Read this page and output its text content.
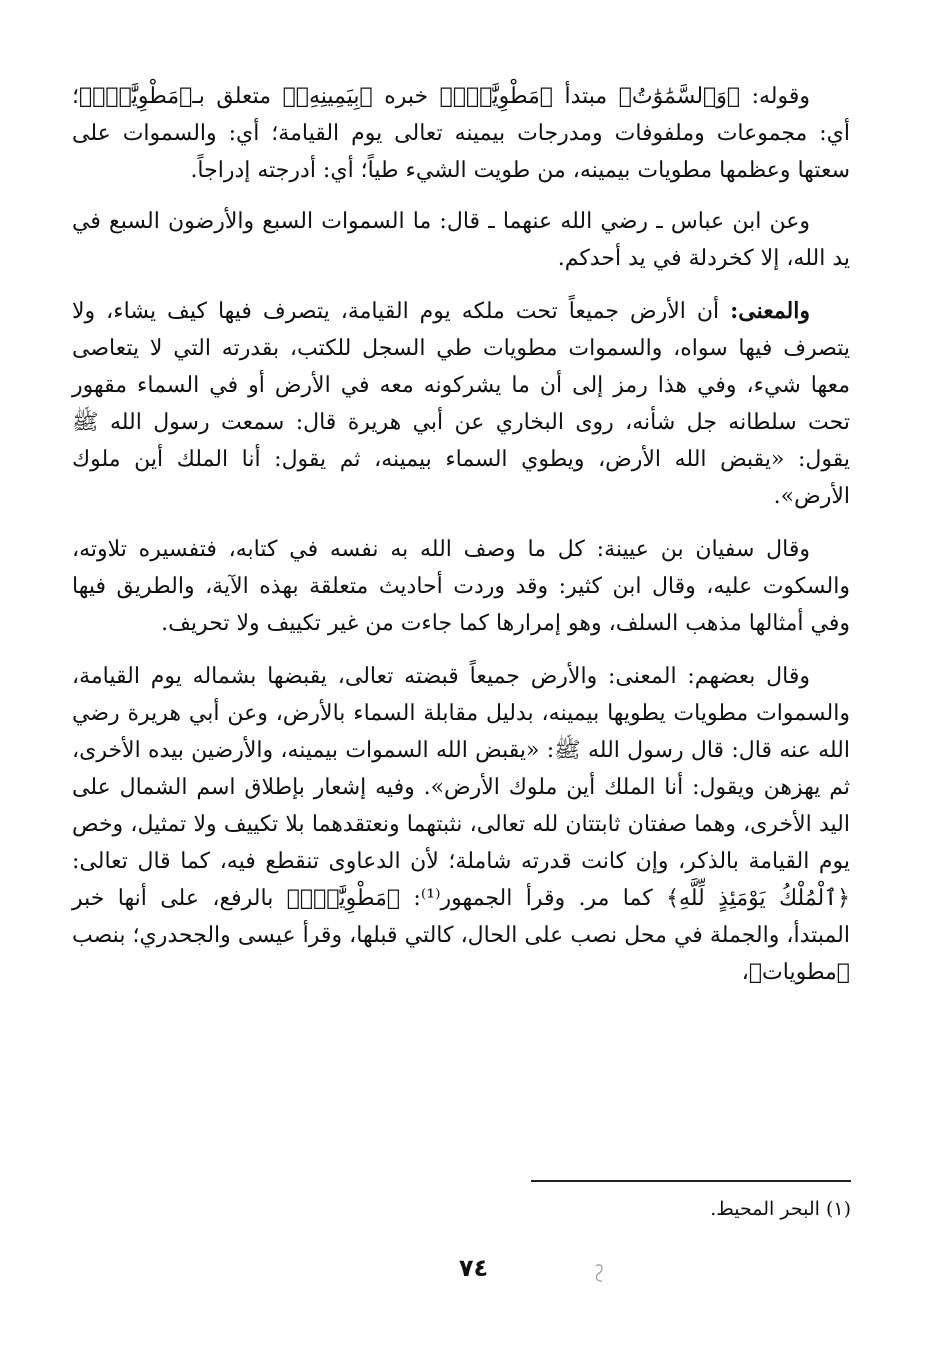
وقوله: ﴿وَٱلسَّمَٰوَٰتُ﴾ مبتدأ ﴿مَطْوِيَّٰتٌۢ﴾ خبره ﴿بِيَمِينِهِۦ﴾ متعلق بـ﴿مَطْوِيَّٰتٌۢ﴾؛ أي: مجموعات وملفوفات ومدرجات بيمينه تعالى يوم القيامة؛ أي: والسموات على سعتها وعظمها مطويات بيمينه، من طويت الشيء طياً؛ أي: أدرجته إدراجاً.

وعن ابن عباس ـ رضي الله عنهما ـ قال: ما السموات السبع والأرضون السبع في يد الله، إلا كخردلة في يد أحدكم.

والمعنى: أن الأرض جميعاً تحت ملكه يوم القيامة، يتصرف فيها كيف يشاء، ولا يتصرف فيها سواه، والسموات مطويات طي السجل للكتب، بقدرته التي لا يتعاصى معها شيء، وفي هذا رمز إلى أن ما يشركونه معه في الأرض أو في السماء مقهور تحت سلطانه جل شأنه، روى البخاري عن أبي هريرة قال: سمعت رسول الله ﷺ يقول: «يقبض الله الأرض، ويطوي السماء بيمينه، ثم يقول: أنا الملك أين ملوك الأرض».

وقال سفيان بن عيينة: كل ما وصف الله به نفسه في كتابه، فتفسيره تلاوته، والسكوت عليه، وقال ابن كثير: وقد وردت أحاديث متعلقة بهذه الآية، والطريق فيها وفي أمثالها مذهب السلف، وهو إمرارها كما جاءت من غير تكييف ولا تحريف.

وقال بعضهم: المعنى: والأرض جميعاً قبضته تعالى، يقبضها بشماله يوم القيامة، والسموات مطويات يطويها بيمينه، بدليل مقابلة السماء بالأرض، وعن أبي هريرة رضي الله عنه قال: قال رسول الله ﷺ: «يقبض الله السموات بيمينه، والأرضين بيده الأخرى، ثم يهزهن ويقول: أنا الملك أين ملوك الأرض». وفيه إشعار بإطلاق اسم الشمال على اليد الأخرى، وهما صفتان ثابتتان لله تعالى، نثبتهما ونعتقدهما بلا تكييف ولا تمثيل، وخص يوم القيامة بالذكر، وإن كانت قدرته شاملة؛ لأن الدعاوى تنقطع فيه، كما قال تعالى: ﴿ٱلْمُلْكُ يَوْمَئِذٍ لِّلَّهِ﴾ كما مر. وقرأ الجمهور⁽¹⁾: ﴿مَطْوِيَّٰتٌۢ﴾ بالرفع، على أنها خبر المبتدأ، والجملة في محل نصب على الحال، كالتي قبلها، وقرأ عيسى والجحدري؛ بنصب ﴿مطويات﴾،

(١) البحر المحيط.
٧٤
